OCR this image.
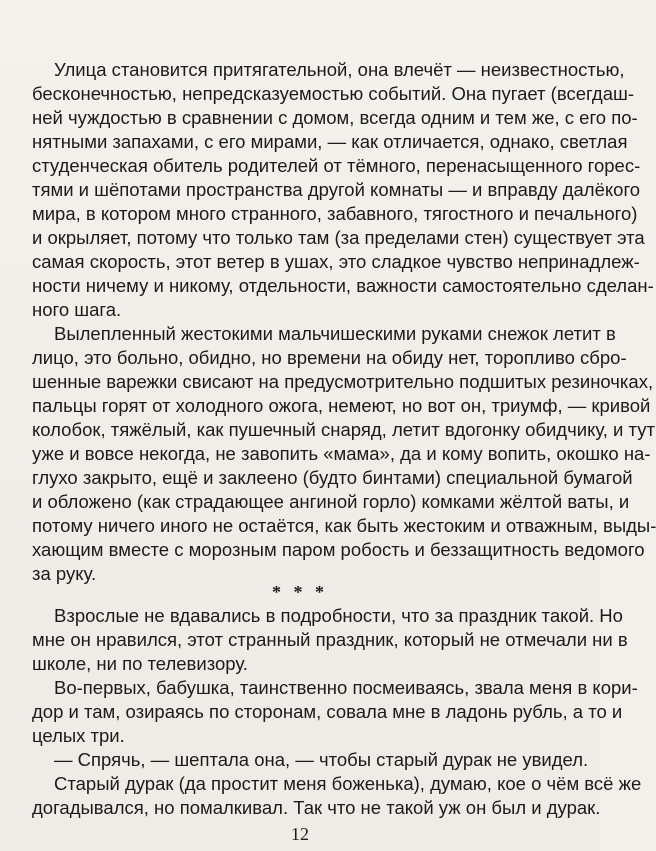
Улица становится притягательной, она влечёт — неизвестностью,
бесконечностью, непредсказуемостью событий. Она пугает (всегдаш-
ней чуждостью в сравнении с домом, всегда одним и тем же, с его по-
нятными запахами, с его мирами, — как отличается, однако, светлая
студенческая обитель родителей от тёмного, перенасыщенного горес-
тями и шёпотами пространства другой комнаты — и вправду далёкого
мира, в котором много странного, забавного, тягостного и печального)
и окрыляет, потому что только там (за пределами стен) существует эта
самая скорость, этот ветер в ушах, это сладкое чувство непринадлеж-
ности ничему и никому, отдельности, важности самостоятельно сделан-
ного шага.
Вылепленный жестокими мальчишескими руками снежок летит в
лицо, это больно, обидно, но времени на обиду нет, торопливо сбро-
шенные варежки свисают на предусмотрительно подшитых резиночках,
пальцы горят от холодного ожога, немеют, но вот он, триумф, — кривой
колобок, тяжёлый, как пушечный снаряд, летит вдогонку обидчику, и тут
уже и вовсе некогда, не завопить «мама», да и кому вопить, окошко на-
глухо закрыто, ещё и заклеено (будто бинтами) специальной бумагой
и обложено (как страдающее ангиной горло) комками жёлтой ваты, и
потому ничего иного не остаётся, как быть жестоким и отважным, выды-
хающим вместе с морозным паром робость и беззащитность ведомого
за руку.
* * *
Взрослые не вдавались в подробности, что за праздник такой. Но
мне он нравился, этот странный праздник, который не отмечали ни в
школе, ни по телевизору.
Во-первых, бабушка, таинственно посмеиваясь, звала меня в кори-
дор и там, озираясь по сторонам, совала мне в ладонь рубль, а то и
целых три.
— Спрячь, — шептала она, — чтобы старый дурак не увидел.
Старый дурак (да простит меня боженька), думаю, кое о чём всё же
догадывался, но помалкивал. Так что не такой уж он был и дурак.
12
